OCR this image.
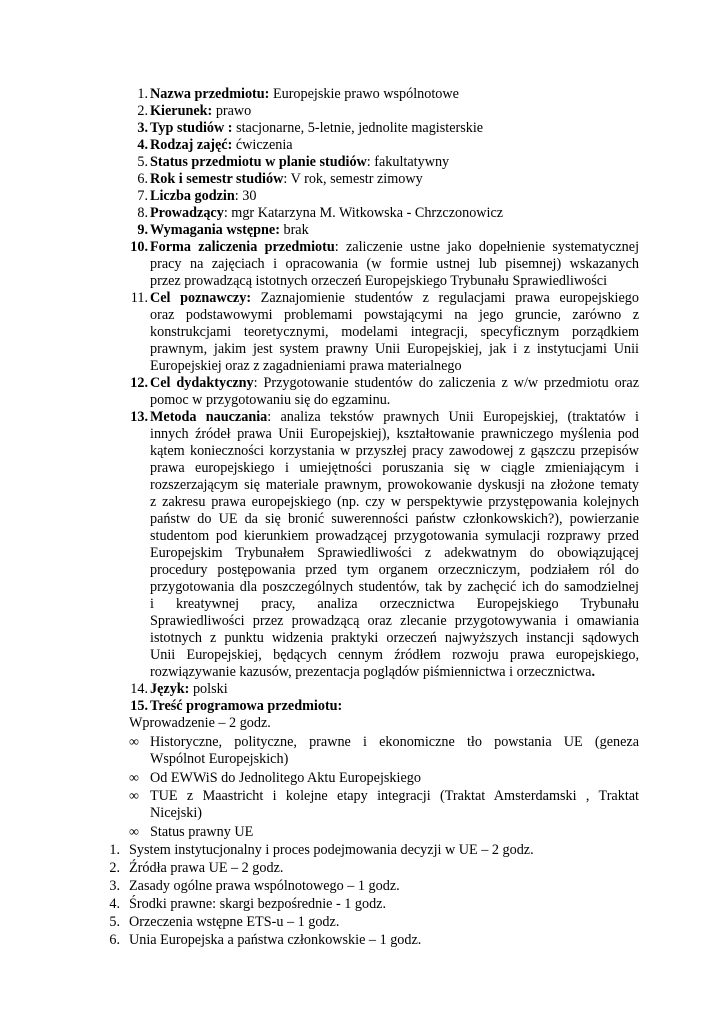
1. Nazwa przedmiotu: Europejskie prawo wspólnotowe
2. Kierunek: prawo
3. Typ studiów : stacjonarne, 5-letnie, jednolite magisterskie
4. Rodzaj zajęć: ćwiczenia
5. Status przedmiotu w planie studiów: fakultatywny
6. Rok i semestr studiów: V rok, semestr zimowy
7. Liczba godzin: 30
8. Prowadzący: mgr Katarzyna M. Witkowska - Chrzczonowicz
9. Wymagania wstępne: brak
10. Forma zaliczenia przedmiotu: zaliczenie ustne jako dopełnienie systematycznej
pracy na zajęciach i opracowania (w formie ustnej lub pisemnej) wskazanych
przez prowadzącą istotnych orzeczeń Europejskiego Trybunału Sprawiedliwości
11. Cel poznawczy: Zaznajomienie studentów z regulacjami prawa europejskiego
oraz podstawowymi problemami powstającymi na jego gruncie, zarówno z
konstrukcjami teoretycznymi, modelami integracji, specyficznym porządkiem
prawnym, jakim jest system prawny Unii Europejskiej, jak i z instytucjami Unii
Europejskiej oraz z zagadnieniami prawa materialnego
12. Cel dydaktyczny: Przygotowanie studentów do zaliczenia z w/w przedmiotu oraz
pomoc w przygotowaniu się do egzaminu.
13. Metoda nauczania: analiza tekstów prawnych Unii Europejskiej, (traktatów i
innych źródeł prawa Unii Europejskiej), kształtowanie prawniczego myślenia pod
kątem konieczności korzystania w przyszłej pracy zawodowej z gąszczu przepisów
prawa europejskiego i umiejętności poruszania się w ciągle zmieniającym i
rozszerzającym się materiale prawnym, prowokowanie dyskusji na złożone tematy
z zakresu prawa europejskiego (np. czy w perspektywie przystępowania kolejnych
państw do UE da się bronić suwerenności państw członkowskich?), powierzanie
studentom pod kierunkiem prowadzącej przygotowania symulacji rozprawy przed
Europejskim Trybunałem Sprawiedliwości z adekwatnym do obowiązującej
procedury postępowania przed tym organem orzeczniczym, podziałem ról do
przygotowania dla poszczególnych studentów, tak by zachęcić ich do samodzielnej
i kreatywnej pracy, analiza orzecznictwa Europejskiego Trybunału
Sprawiedliwości przez prowadzącą oraz zlecanie przygotowywania i omawiania
istotnych z punktu widzenia praktyki orzeczeń najwyższych instancji sądowych
Unii Europejskiej, będących cennym źródłem rozwoju prawa europejskiego,
rozwiązywanie kazusów, prezentacja poglądów piśmiennictwa i orzecznictwa.
14. Język: polski
15. Treść programowa przedmiotu:
Wprowadzenie – 2 godz.
∞ Historyczne, polityczne, prawne i ekonomiczne tło powstania UE (geneza
Wspólnot Europejskich)
∞ Od EWWiS do Jednolitego Aktu Europejskiego
∞ TUE z Maastricht i kolejne etapy integracji (Traktat Amsterdamski , Traktat
Nicejski)
∞ Status prawny UE
1. System instytucjonalny i proces podejmowania decyzji w UE – 2 godz.
2. Źródła prawa UE – 2 godz.
3. Zasady ogólne prawa wspólnotowego – 1 godz.
4. Środki prawne: skargi bezpośrednie - 1 godz.
5. Orzeczenia wstępne ETS-u – 1 godz.
6. Unia Europejska a państwa członkowskie – 1 godz.
